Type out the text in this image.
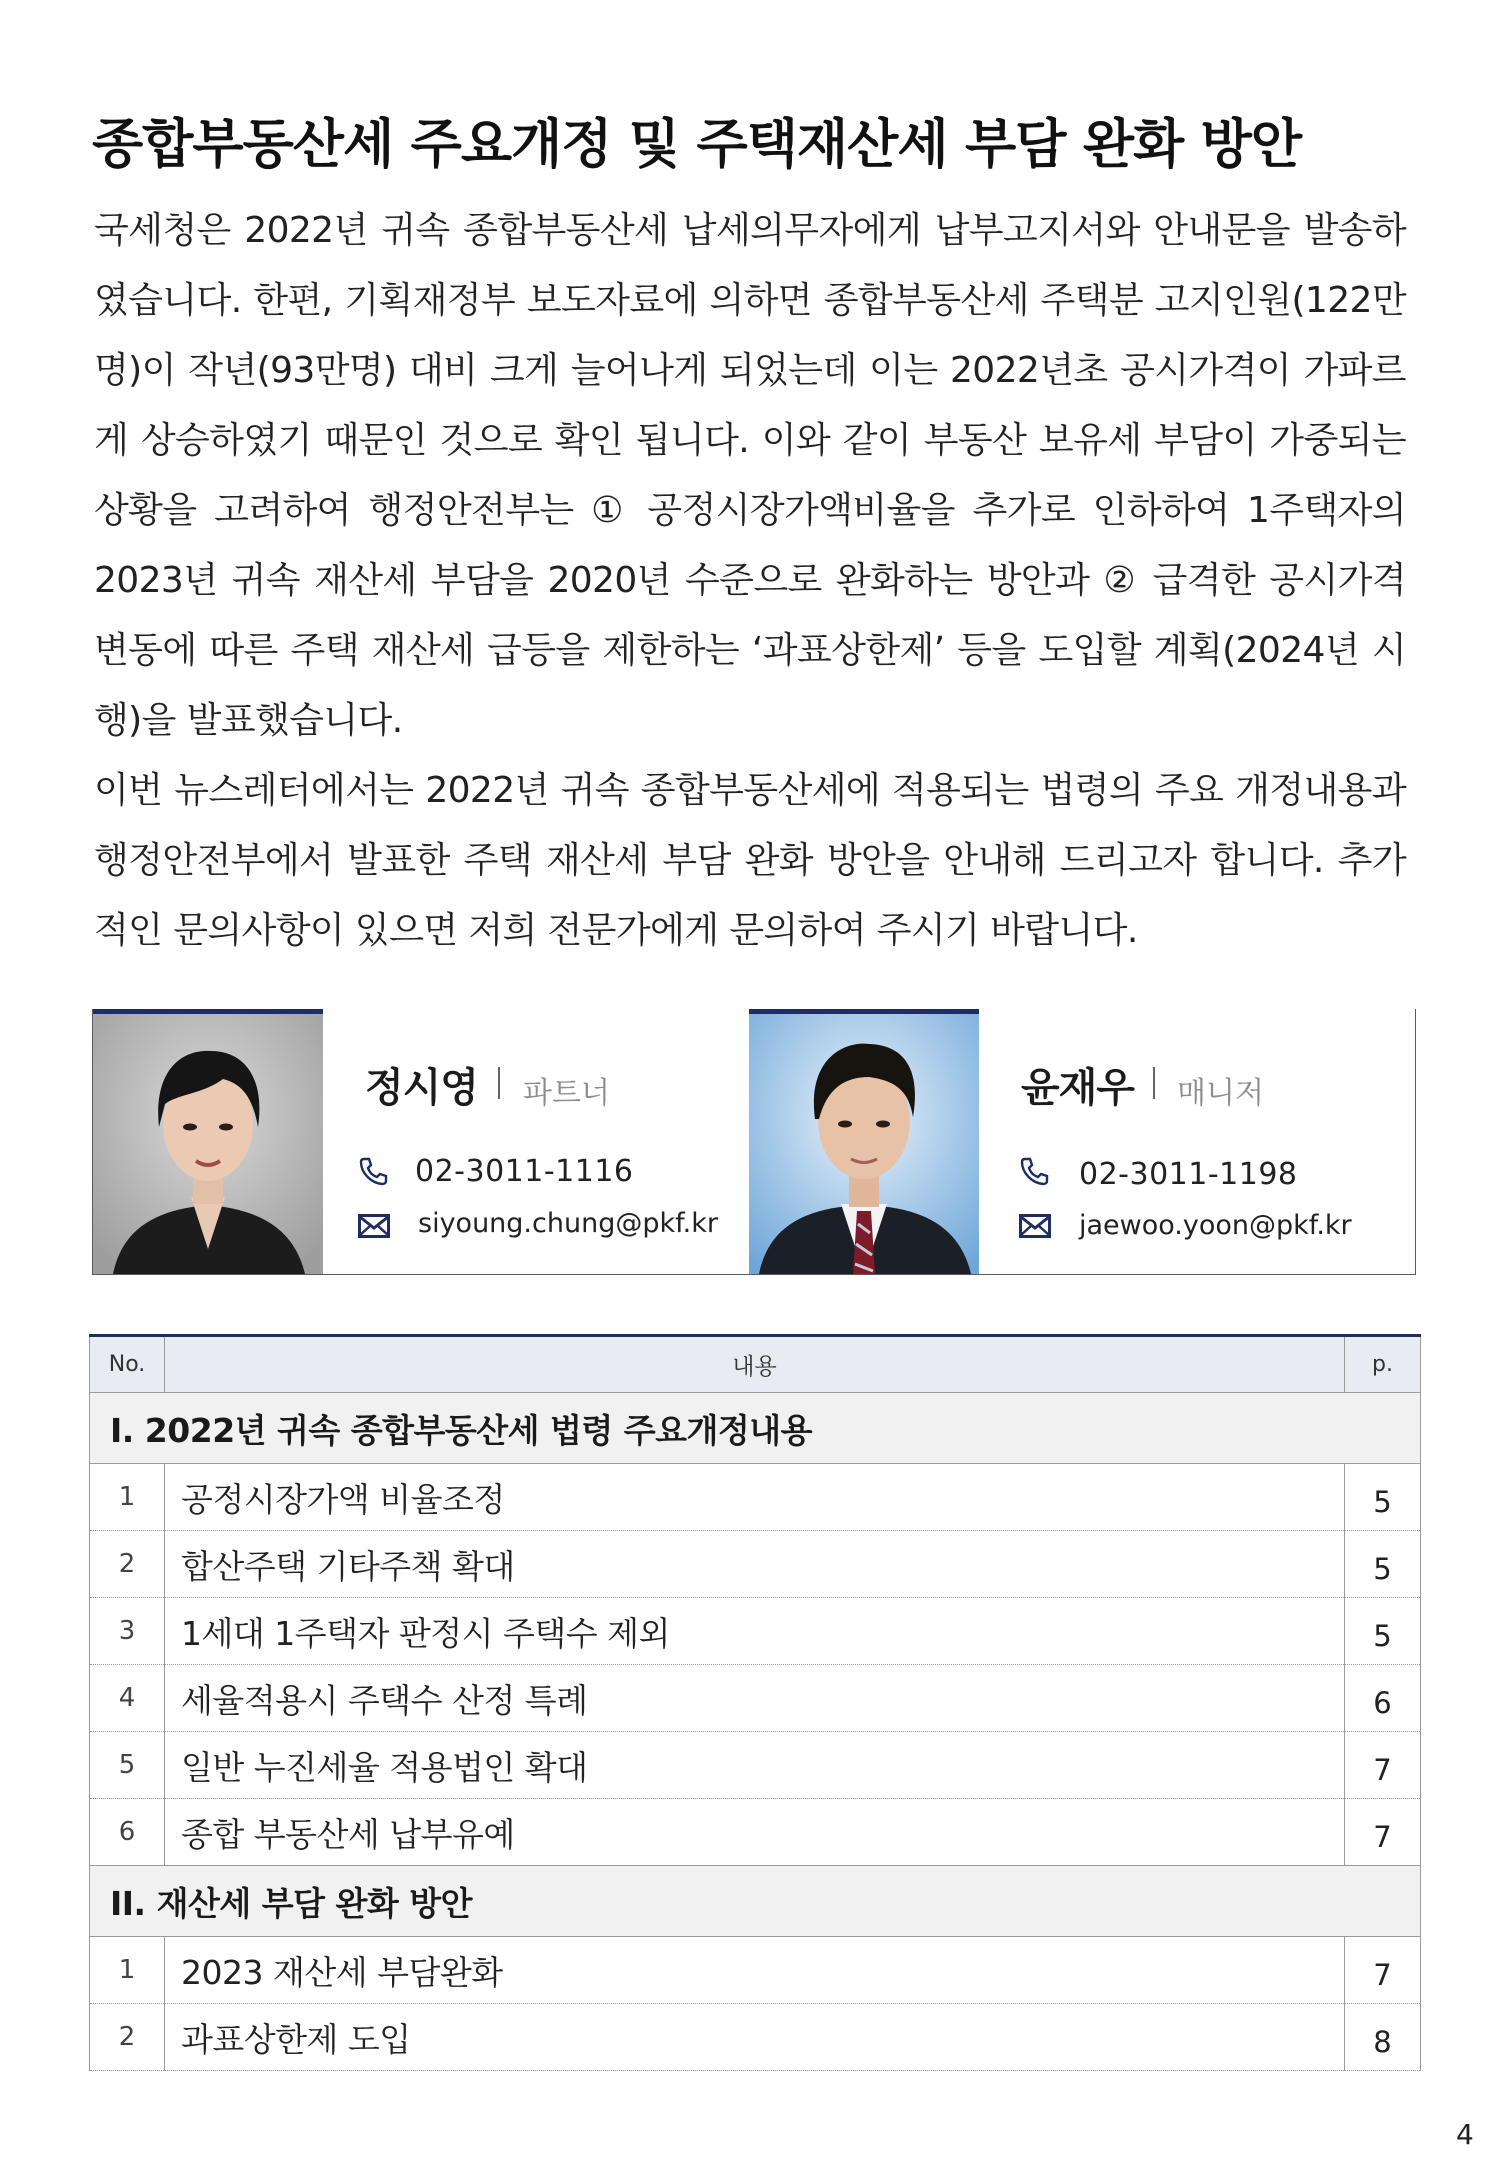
종합부동산세 주요개정 및 주택재산세 부담 완화 방안

국세청은 2022년 귀속 종합부동산세 납세의무자에게 납부고지서와 안내문을 발송하였습니다. 한편, 기획재정부 보도자료에 의하면 종합부동산세 주택분 고지인원(122만명)이 작년(93만명) 대비 크게 늘어나게 되었는데 이는 2022년초 공시가격이 가파르게 상승하였기 때문인 것으로 확인 됩니다. 이와 같이 부동산 보유세 부담이 가중되는 상황을 고려하여 행정안전부는 ① 공정시장가액비율을 추가로 인하하여 1주택자의 2023년 귀속 재산세 부담을 2020년 수준으로 완화하는 방안과 ② 급격한 공시가격 변동에 따른 주택 재산세 급등을 제한하는 ‘과표상한제’ 등을 도입할 계획(2024년 시행)을 발표했습니다.

이번 뉴스레터에서는 2022년 귀속 종합부동산세에 적용되는 법령의 주요 개정내용과 행정안전부에서 발표한 주택 재산세 부담 완화 방안을 안내해 드리고자 합니다. 추가적인 문의사항이 있으면 저희 전문가에게 문의하여 주시기 바랍니다.

정시영 파트너
02-3011-1116
siyoung.chung@pkf.kr
윤재우 매니저
02-3011-1198
jaewoo.yoon@pkf.kr
No.	내용	p.
I. 2022년 귀속 종합부동산세 법령 주요개정내용		
1	공정시장가액 비율조정	5
2	합산주택 기타주책 확대	5
3	1세대 1주택자 판정시 주택수 제외	5
4	세율적용시 주택수 산정 특례	6
5	일반 누진세율 적용법인 확대	7
6	종합 부동산세 납부유예	7
II. 재산세 부담 완화 방안		
1	2023 재산세 부담완화	7
2	과표상한제 도입	8
4
